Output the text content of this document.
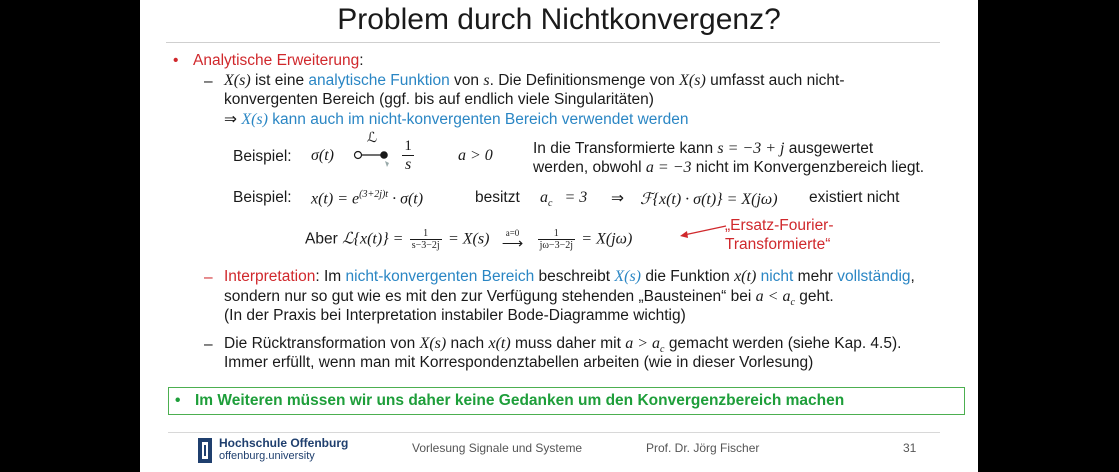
Problem durch Nichtkonvergenz?
• Analytische Erweiterung:
– X(s) ist eine analytische Funktion von s. Die Definitionsmenge von X(s) umfasst auch nicht-
konvergenten Bereich (ggf. bis auf endlich viele Singularitäten)
⇒ X(s) kann auch im nicht-konvergenten Bereich verwendet werden
Beispiel: σ(t)
ℒ $\frac{1}{s}$	a > 0	In die Transformierte kann s = −3 + j ausgewertet
werden, obwohl a = −3 nicht im Konvergenzbereich liegt.
Beispiel: $x(t) = e^{(3+2j)t} \cdot \sigma(t)$	besitzt $a_c = 3$ ⇒ ℱ{x(t) · σ(t)} = X(jω) existiert nicht
Aber ℒ{x(t)} = $\frac{1}{s-3-2j} = X(s)$ a=0
⟶
$\frac{1}{j\omega-3-2j} = X(j\omega)$
„Ersatz-Fourier-
Transformierte“
– Interpretation: Im nicht-konvergenten Bereich beschreibt X(s) die Funktion x(t) nicht mehr vollständig,
sondern nur so gut wie es mit den zur Verfügung stehenden „Bausteinen“ bei $a < a_c$ geht.
(In der Praxis bei Interpretation instabiler Bode-Diagramme wichtig)
– Die Rücktransformation von X(s) nach x(t) muss daher mit $a > a_c$ gemacht werden (siehe Kap. 4.5).
Immer erfüllt, wenn man mit Korrespondenztabellen arbeiten (wie in dieser Vorlesung)
• Im Weiteren müssen wir uns daher keine Gedanken um den Konvergenzbereich machen
Hochschule Offenburg
offenburg.university
Vorlesung Signale und Systeme	Prof. Dr. Jörg Fischer	31
